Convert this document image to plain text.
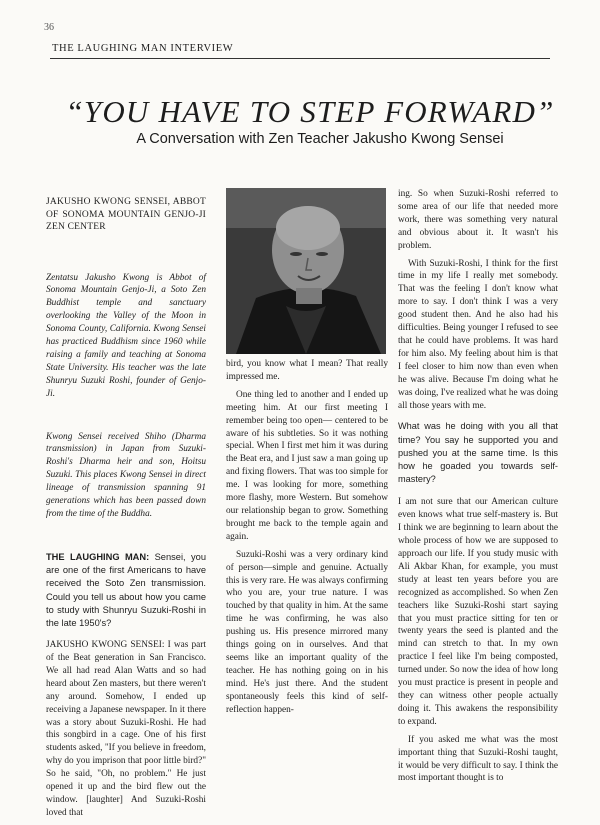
36
THE LAUGHING MAN INTERVIEW
“YOU HAVE TO STEP FORWARD”
A Conversation with Zen Teacher Jakusho Kwong Sensei

JAKUSHO KWONG SENSEI, ABBOT OF SONOMA MOUNTAIN GENJO-JI ZEN CENTER

Zentatsu Jakusho Kwong is Abbot of Sonoma Mountain Genjo-Ji, a Soto Zen Buddhist temple and sanctuary overlooking the Valley of the Moon in Sonoma County, California. Kwong Sensei has practiced Buddhism since 1960 while raising a family and teaching at Sonoma State University. His teacher was the late Shunryu Suzuki Roshi, founder of Genjo-Ji.

Kwong Sensei received Shiho (Dharma transmission) in Japan from Suzuki-Roshi's Dharma heir and son, Hoitsu Suzuki. This places Kwong Sensei in direct lineage of transmission spanning 91 generations which has been passed down from the time of the Buddha.

THE LAUGHING MAN: Sensei, you are one of the first Americans to have received the Soto Zen transmission. Could you tell us about how you came to study with Shunryu Suzuki-Roshi in the late 1950's?

JAKUSHO KWONG SENSEI: I was part of the Beat generation in San Francisco. We all had read Alan Watts and so had heard about Zen masters, but there weren't any around. Somehow, I ended up receiving a Japanese newspaper. In it there was a story about Suzuki-Roshi. He had this songbird in a cage. One of his first students asked, "If you believe in freedom, why do you imprison that poor little bird?" So he said, "Oh, no problem." He just opened it up and the bird flew out the window. [laughter] And Suzuki-Roshi loved that

bird, you know what I mean? That really impressed me.

One thing led to another and I ended up meeting him. At our first meeting I remember being too open— centered to be aware of his subtleties. So it was nothing special. When I first met him it was during the Beat era, and I just saw a man going up and fixing flowers. That was too simple for me. I was looking for more, something more flashy, more Western. But somehow our relationship began to grow. Something brought me back to the temple again and again.

Suzuki-Roshi was a very ordinary kind of person—simple and genuine. Actually this is very rare. He was always confirming who you are, your true nature. I was touched by that quality in him. At the same time he was confirming, he was also pushing us. His presence mirrored many things going on in ourselves. And that seems like an important quality of the teacher. He has nothing going on in his mind. He's just there. And the student spontaneously feels this kind of self-reflection happen-

ing. So when Suzuki-Roshi referred to some area of our life that needed more work, there was something very natural and obvious about it. It wasn't his problem.

With Suzuki-Roshi, I think for the first time in my life I really met somebody. That was the feeling I don't know what more to say. I don't think I was a very good student then. And he also had his difficulties. Being younger I refused to see that he could have problems. It was hard for him also. My feeling about him is that I feel closer to him now than even when he was alive. Because I'm doing what he was doing, I've realized what he was doing all those years with me.

What was he doing with you all that time? You say he supported you and pushed you at the same time. Is this how he goaded you towards self-mastery?

I am not sure that our American culture even knows what true self-mastery is. But I think we are beginning to learn about the whole process of how we are supposed to approach our life. If you study music with Ali Akbar Khan, for example, you must study at least ten years before you are recognized as accomplished. So when Zen teachers like Suzuki-Roshi start saying that you must practice sitting for ten or twenty years the seed is planted and the mind can stretch to that. In my own practice I feel like I'm being composted, turned under. So now the idea of how long you must practice is present in people and they can witness other people actually doing it. This awakens the responsibility to expand.

If you asked me what was the most important thing that Suzuki-Roshi taught, it would be very difficult to say. I think the most important thought is to
